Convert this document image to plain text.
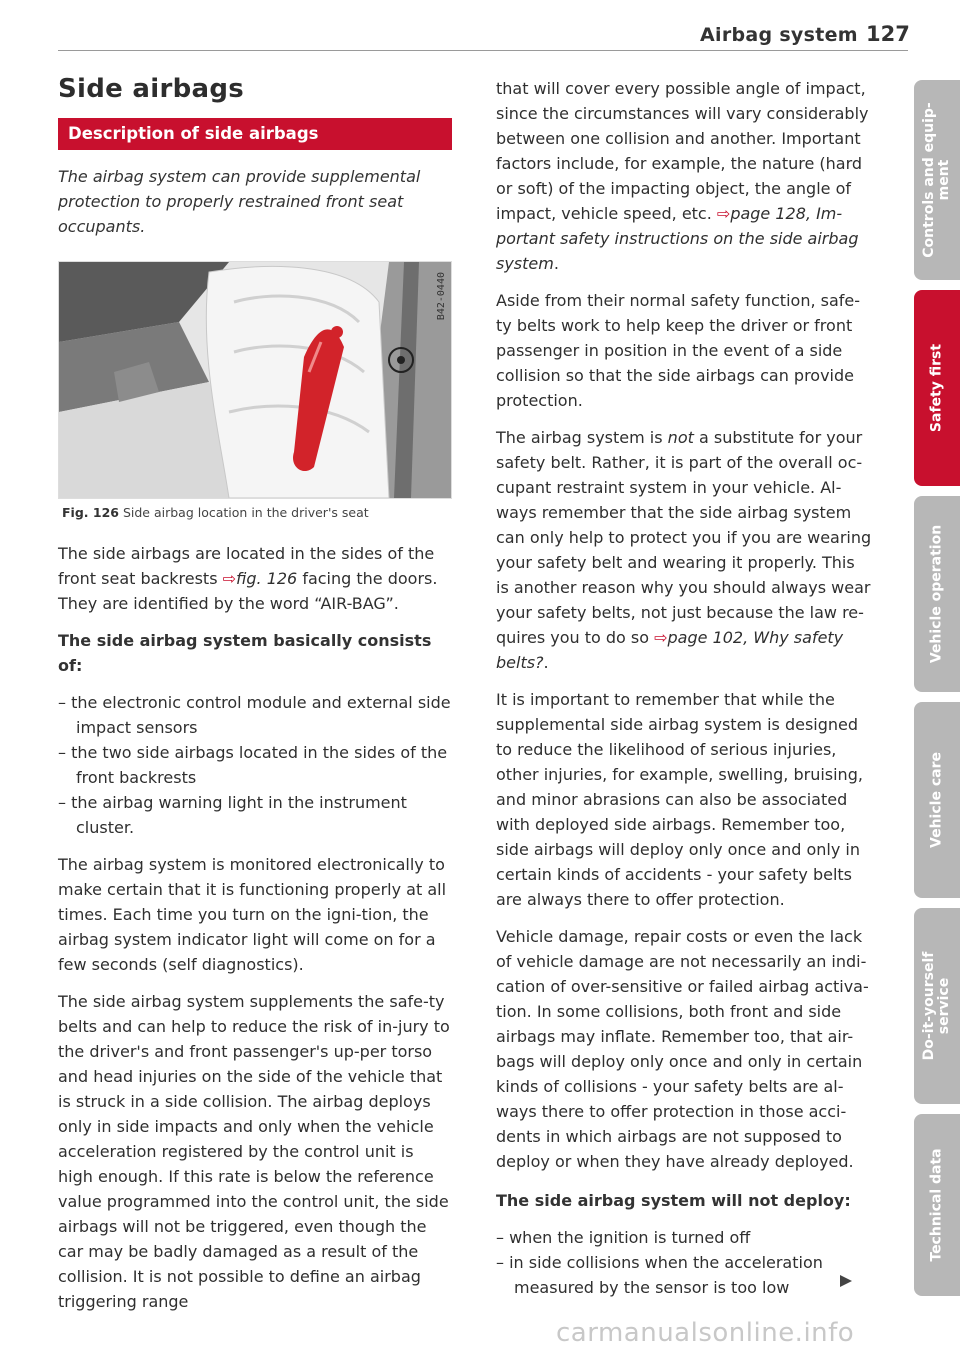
Airbag system 127
Side airbags
Description of side airbags

The airbag system can provide supplemental protection to properly restrained front seat occupants.

B42-0440
Fig. 126 Side airbag location in the driver's seat

The side airbags are located in the sides of the front seat backrests ⇨fig. 126 facing the doors. They are identified by the word “AIR-BAG”.

The side airbag system basically consists of:

– the electronic control module and external side impact sensors
– the two side airbags located in the sides of the front backrests
– the airbag warning light in the instrument cluster.

The airbag system is monitored electronically to make certain that it is functioning properly at all times. Each time you turn on the igni-tion, the airbag system indicator light will come on for a few seconds (self diagnostics).

The side airbag system supplements the safe-ty belts and can help to reduce the risk of in-jury to the driver's and front passenger's up-per torso and head injuries on the side of the vehicle that is struck in a side collision. The airbag deploys only in side impacts and only when the vehicle acceleration registered by the control unit is high enough. If this rate is below the reference value programmed into the control unit, the side airbags will not be triggered, even though the car may be badly damaged as a result of the collision. It is not possible to define an airbag triggering range

that will cover every possible angle of impact, since the circumstances will vary considerably between one collision and another. Important factors include, for example, the nature (hard or soft) of the impacting object, the angle of impact, vehicle speed, etc. ⇨page 128, Im-portant safety instructions on the side airbag system.

Aside from their normal safety function, safe-ty belts work to help keep the driver or front passenger in position in the event of a side collision so that the side airbags can provide protection.

The airbag system is not a substitute for your safety belt. Rather, it is part of the overall oc-cupant restraint system in your vehicle. Al-ways remember that the side airbag system can only help to protect you if you are wearing your safety belt and wearing it properly. This is another reason why you should always wear your safety belts, not just because the law re-quires you to do so ⇨page 102, Why safety belts?.

It is important to remember that while the supplemental side airbag system is designed to reduce the likelihood of serious injuries, other injuries, for example, swelling, bruising, and minor abrasions can also be associated with deployed side airbags. Remember too, side airbags will deploy only once and only in certain kinds of accidents - your safety belts are always there to offer protection.

Vehicle damage, repair costs or even the lack of vehicle damage are not necessarily an indi-cation of over-sensitive or failed airbag activa-tion. In some collisions, both front and side airbags may inflate. Remember too, that air-bags will deploy only once and only in certain kinds of collisions - your safety belts are al-ways there to offer protection in those acci-dents in which airbags are not supposed to deploy or when they have already deployed.

The side airbag system will not deploy:

– when the ignition is turned off
– in side collisions when the acceleration measured by the sensor is too low
Controls and equip-
ment
Safety first
Vehicle operation
Vehicle care
Do-it-yourself
service
Technical data
carmanualsonline.info
